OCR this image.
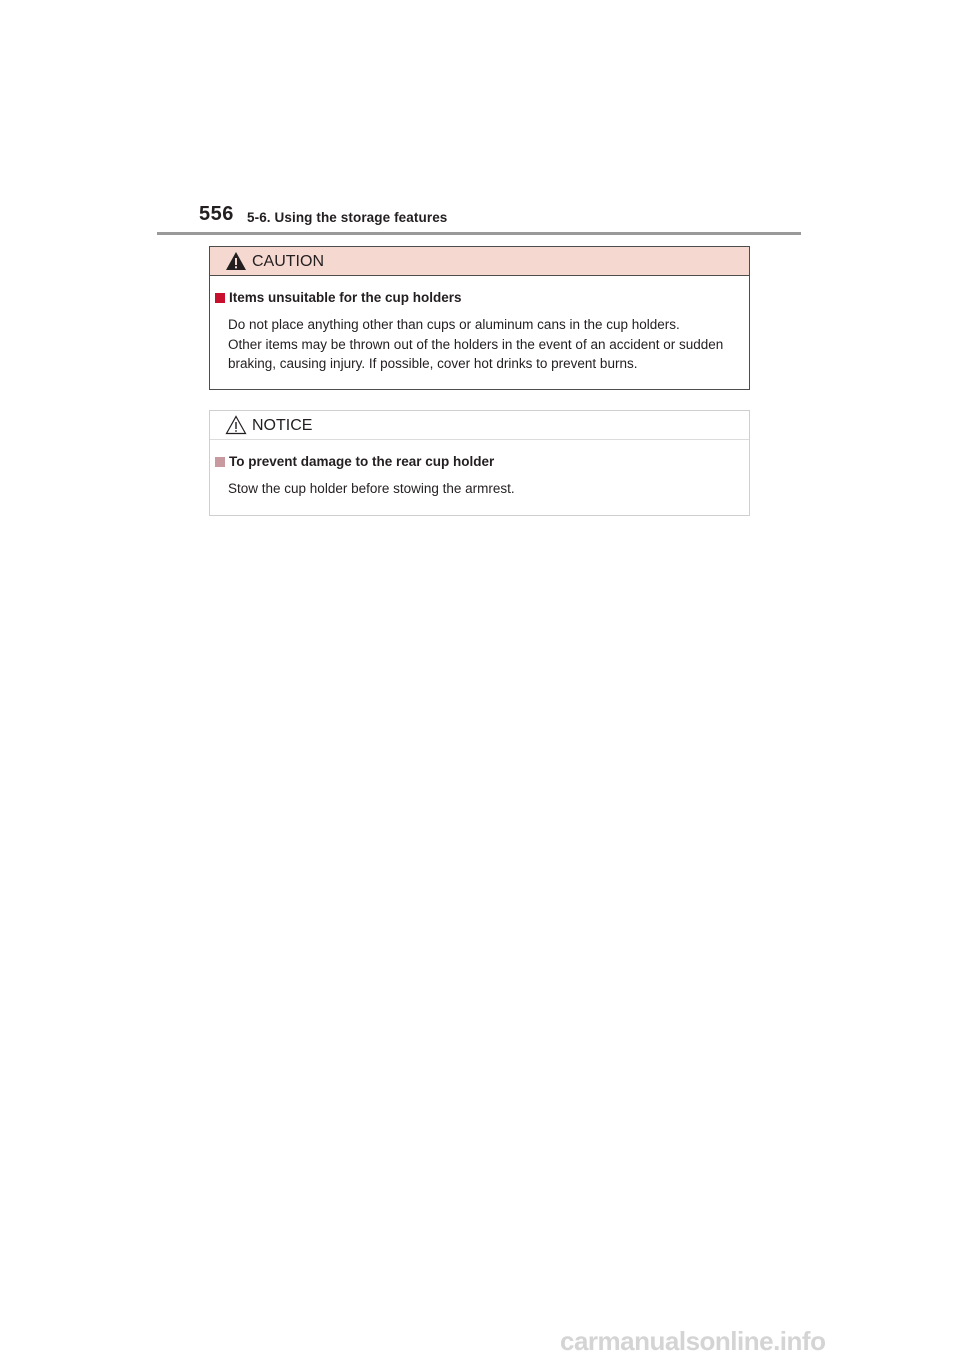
556 5-6. Using the storage features
CAUTION
Items unsuitable for the cup holders

Do not place anything other than cups or aluminum cans in the cup holders.

Other items may be thrown out of the holders in the event of an accident or sudden

braking, causing injury. If possible, cover hot drinks to prevent burns.

NOTICE
To prevent damage to the rear cup holder

Stow the cup holder before stowing the armrest.

carmanualsonline.info
